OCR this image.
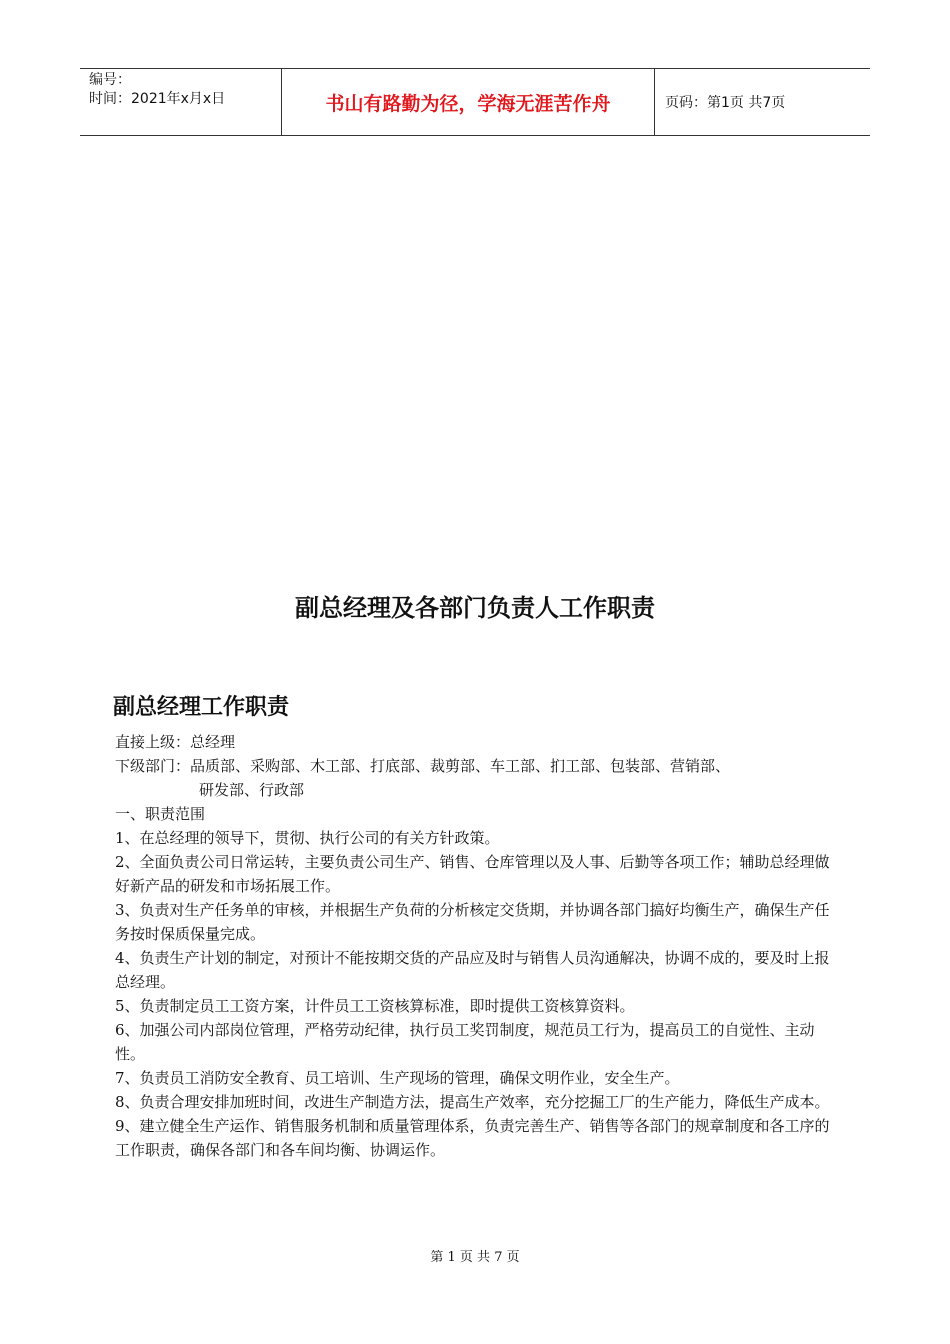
编号：
时间：2021年x月x日	书山有路勤为径，学海无涯苦作舟	页码：第1页 共7页
副总经理及各部门负责人工作职责
副总经理工作职责

直接上级：总经理

下级部门：品质部、采购部、木工部、打底部、裁剪部、车工部、扪工部、包装部、营销部、

研发部、行政部

一、职责范围

1、在总经理的领导下，贯彻、执行公司的有关方针政策。

2、全面负责公司日常运转，主要负责公司生产、销售、仓库管理以及人事、后勤等各项工作；辅助总经理做好新产品的研发和市场拓展工作。

3、负责对生产任务单的审核，并根据生产负荷的分析核定交货期，并协调各部门搞好均衡生产，确保生产任务按时保质保量完成。

4、负责生产计划的制定，对预计不能按期交货的产品应及时与销售人员沟通解决，协调不成的，要及时上报总经理。

5、负责制定员工工资方案，计件员工工资核算标准，即时提供工资核算资料。

6、加强公司内部岗位管理，严格劳动纪律，执行员工奖罚制度，规范员工行为，提高员工的自觉性、主动性。

7、负责员工消防安全教育、员工培训、生产现场的管理，确保文明作业，安全生产。

8、负责合理安排加班时间，改进生产制造方法，提高生产效率，充分挖掘工厂的生产能力，降低生产成本。

9、建立健全生产运作、销售服务机制和质量管理体系，负责完善生产、销售等各部门的规章制度和各工序的工作职责，确保各部门和各车间均衡、协调运作。

第 1 页 共 7 页
